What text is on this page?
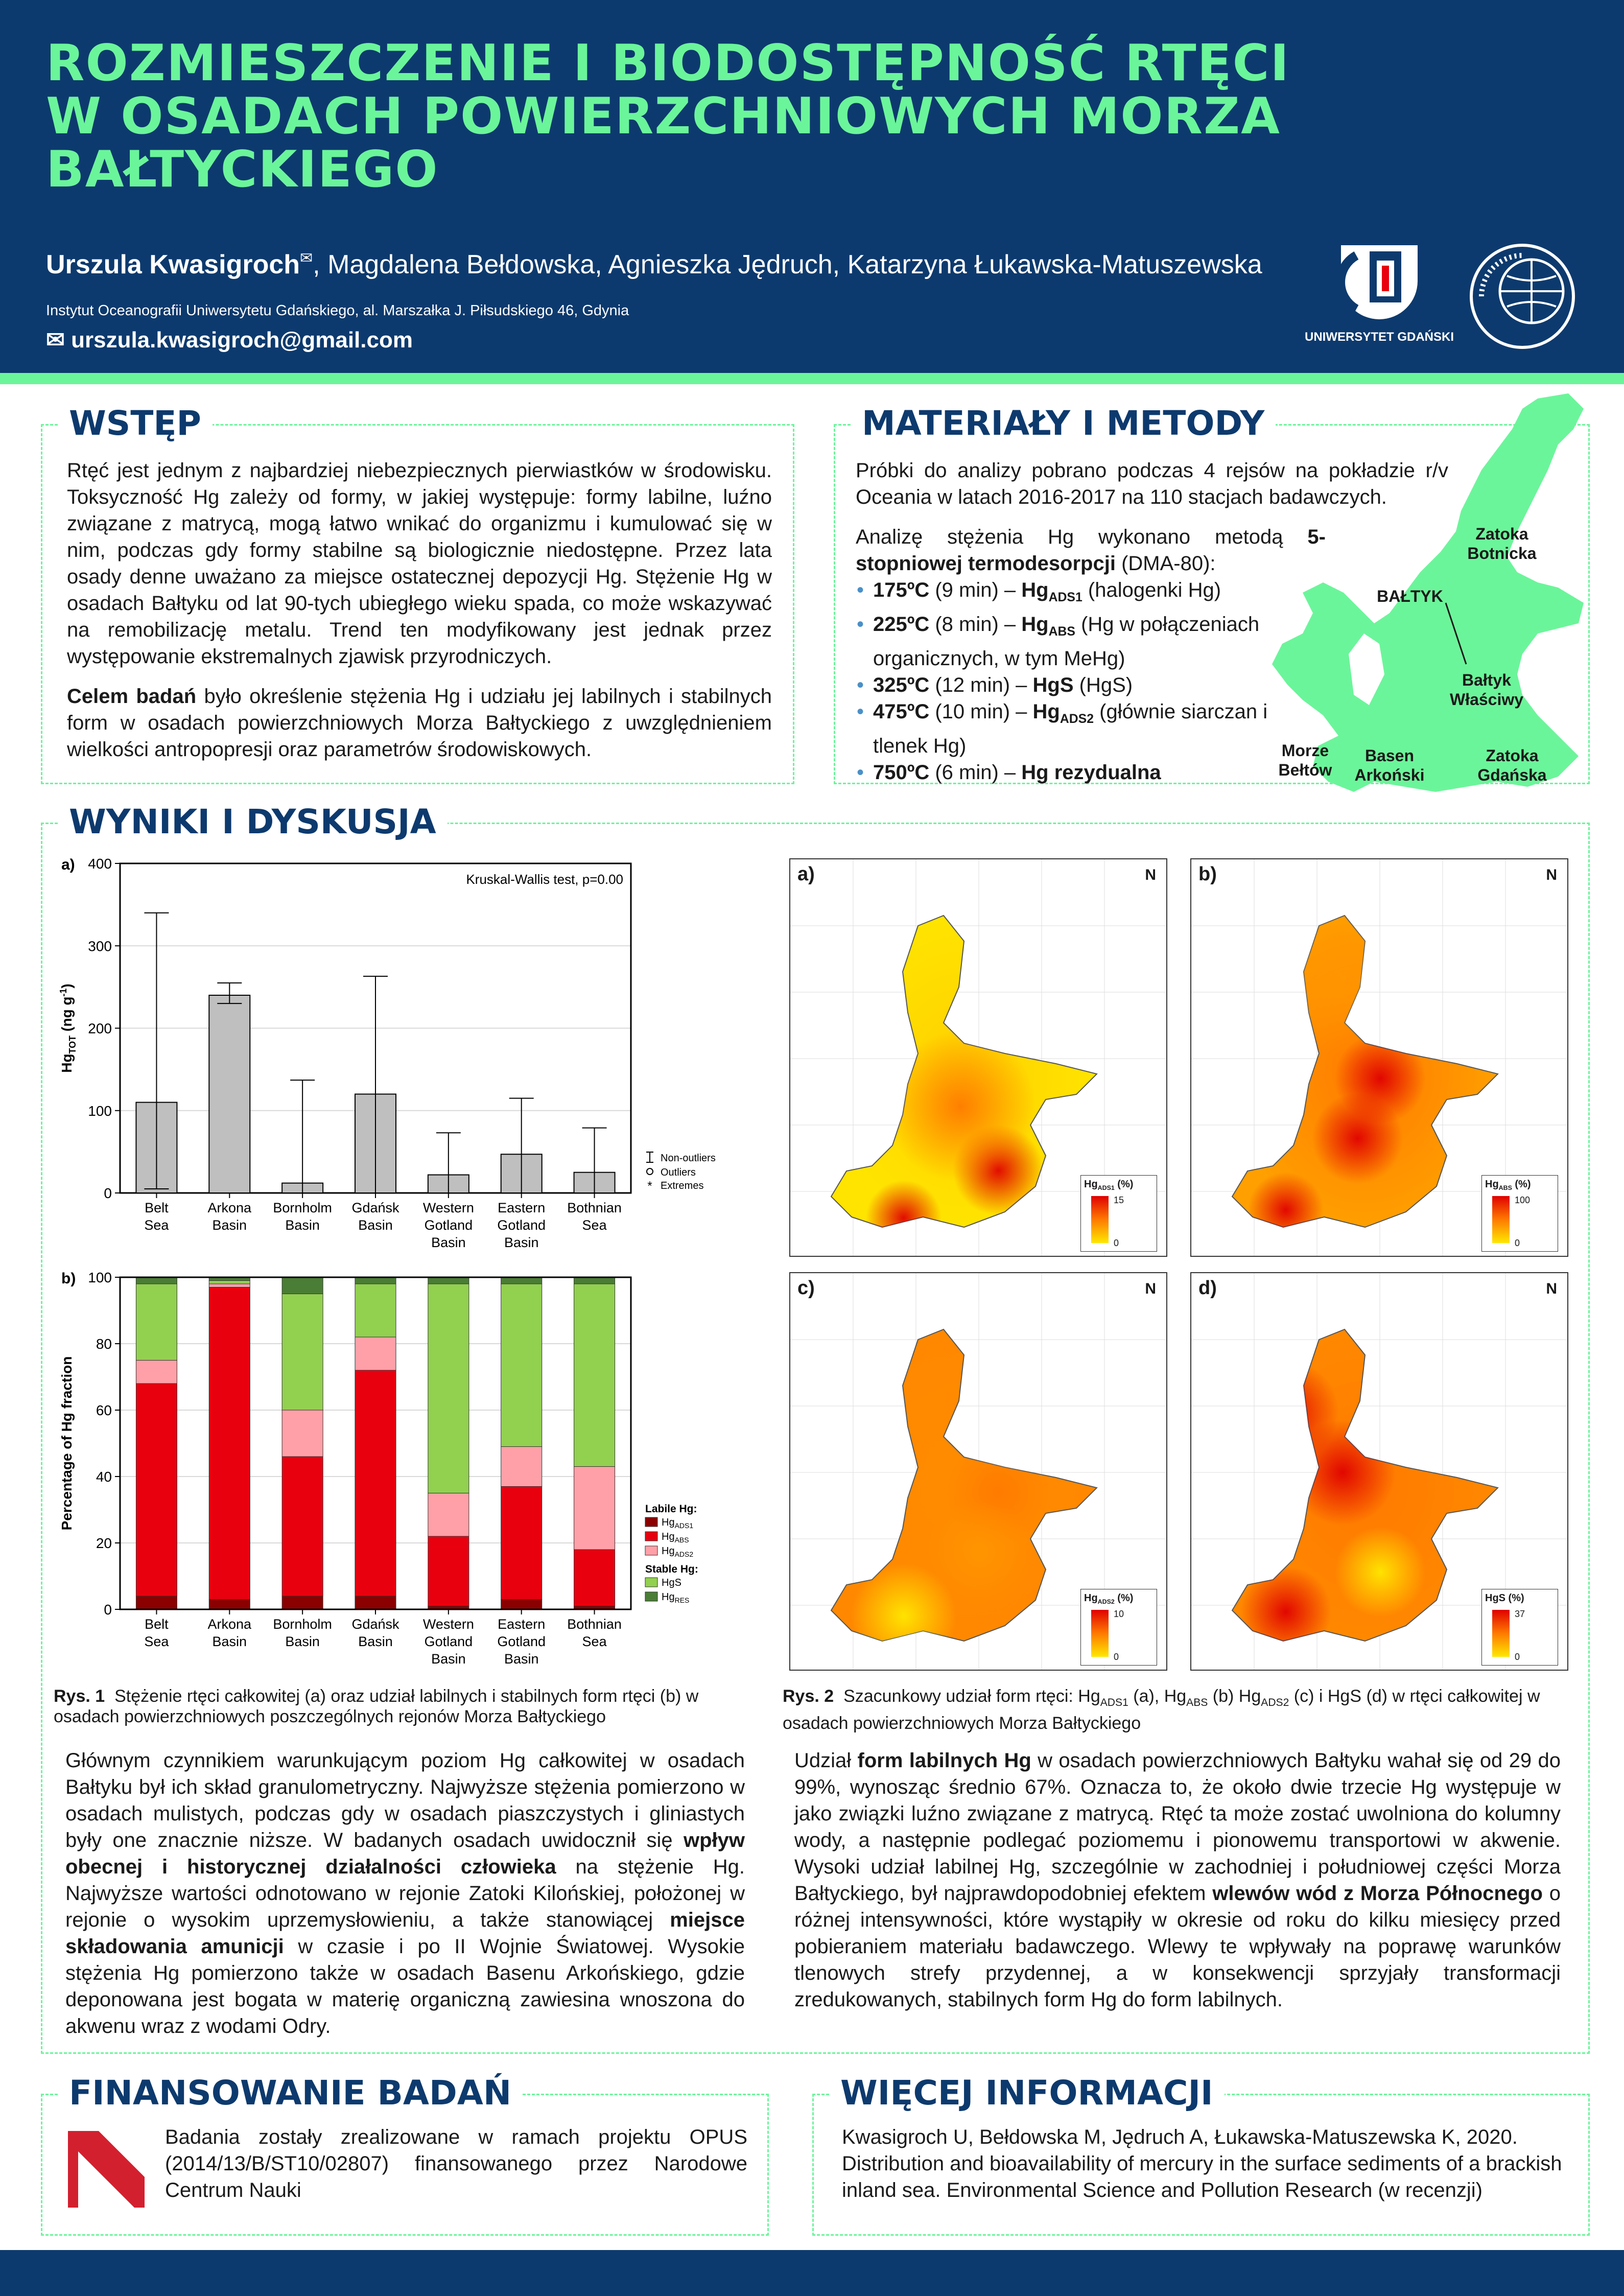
ROZMIESZCZENIE I BIODOSTĘPNOŚĆ RTĘCI
W OSADACH POWIERZCHNIOWYCH MORZA
BAŁTYCKIEGO
Urszula Kwasigroch✉, Magdalena Bełdowska, Agnieszka Jędruch, Katarzyna Łukawska-Matuszewska
Instytut Oceanografii Uniwersytetu Gdańskiego, al. Marszałka J. Piłsudskiego 46, Gdynia
✉ urszula.kwasigroch@gmail.com	UNIWERSYTET GDAŃSKI
WSTĘP

Rtęć jest jednym z najbardziej niebezpiecznych pierwiastków w środowisku. Toksyczność Hg zależy od formy, w jakiej występuje: formy labilne, luźno związane z matrycą, mogą łatwo wnikać do organizmu i kumulować się w nim, podczas gdy formy stabilne są biologicznie niedostępne. Przez lata osady denne uważano za miejsce ostatecznej depozycji Hg. Stężenie Hg w osadach Bałtyku od lat 90-tych ubiegłego wieku spada, co może wskazywać na remobilizację metalu. Trend ten modyfikowany jest jednak przez występowanie ekstremalnych zjawisk przyrodniczych.

Celem badań było określenie stężenia Hg i udziału jej labilnych i stabilnych form w osadach powierzchniowych Morza Bałtyckiego z uwzględnieniem wielkości antropopresji oraz parametrów środowiskowych.

MATERIAŁY I METODY
Próbki do analizy pobrano podczas 4 rejsów na pokładzie r/v Oceania w latach 2016-2017 na 110 stacjach badawczych.
Analizę stężenia Hg wykonano metodą 5-stopniowej termodesorpcji (DMA-80):
• 175ºC (9 $\min) - Hg_{ADS1}$ (halogenki Hg)
• 225ºC (8 $\min) - Hg_{ABS}$ (Hg w połączeniach organicznych, w tym MeHg)
• 325ºC (12 min) – HgS (HgS)
• 475ºC (10 $\min) - Hg_{ADS2}$ (głównie siarczan i tlenek Hg)
• 750ºC (6 min) – Hg rezydualna
Zatoka Botnicka
BAŁTYK
Bałtyk Właściwy
Morze Bełtów
Basen Arkoński
Zatoka Gdańska
WYNIKI I DYSKUSJA
a)
0
100
200
300
400
$Hg_{TOT}$ (ng $g^{-1}$)
Kruskal-Wallis test, p=0.00
Belt Sea
Arkona Basin
Bornholm Basin
Gdańsk Basin
Western Gotland Basin
Eastern Gotland Basin
Bothnian Sea
Non-outliers
Outliers
* Extremes
b)
0
20
40
60
80
100
Percentage of Hg fraction
Belt Sea
Arkona Basin
Bornholm Basin
Gdańsk Basin
Western Gotland Basin
Eastern Gotland Basin
Bothnian Sea
Labile Hg:
$Hg_{ADS1}$
$Hg_{ABS}$
$Hg_{ADS2}$
Stable Hg:
HgS
$Hg_{RES}$
Rys. 1 Stężenie rtęci całkowitej (a) oraz udział labilnych i stabilnych form rtęci (b) w osadach powierzchniowych poszczególnych rejonów Morza Bałtyckiego
Rys. 2 Szacunkowy udział form rtęci: $Hg_{ADS1}$ (a), $Hg_{ABS}$ (b) $Hg_{ADS2}$ (c) i HgS (d) w rtęci całkowitej w osadach powierzchniowych Morza Bałtyckiego
a)	N
$Hg_{ADS1}$ (%)
15
0
b)	N
$Hg_{ABS}$ (%)
100
0
c)	N
$Hg_{ADS2}$ (%)
10
0
d)	N
HgS (%)
37
0
Głównym czynnikiem warunkującym poziom Hg całkowitej w osadach Bałtyku był ich skład granulometryczny. Najwyższe stężenia pomierzono w osadach mulistych, podczas gdy w osadach piaszczystych i gliniastych były one znacznie niższe. W badanych osadach uwidocznił się wpływ obecnej i historycznej działalności człowieka na stężenie Hg. Najwyższe wartości odnotowano w rejonie Zatoki Kilońskiej, położonej w rejonie o wysokim uprzemysłowieniu, a także stanowiącej miejsce składowania amunicji w czasie i po II Wojnie Światowej. Wysokie stężenia Hg pomierzono także w osadach Basenu Arkońskiego, gdzie deponowana jest bogata w materię organiczną zawiesina wnoszona do akwenu wraz z wodami Odry.
Udział form labilnych Hg w osadach powierzchniowych Bałtyku wahał się od 29 do 99%, wynosząc średnio 67%. Oznacza to, że około dwie trzecie Hg występuje w jako związki luźno związane z matrycą. Rtęć ta może zostać uwolniona do kolumny wody, a następnie podlegać poziomemu i pionowemu transportowi w akwenie. Wysoki udział labilnej Hg, szczególnie w zachodniej i południowej części Morza Bałtyckiego, był najprawdopodobniej efektem wlewów wód z Morza Północnego o różnej intensywności, które wystąpiły w okresie od roku do kilku miesięcy przed pobieraniem materiału badawczego. Wlewy te wpływały na poprawę warunków tlenowych strefy przydennej, a w konsekwencji sprzyjały transformacji zredukowanych, stabilnych form Hg do form labilnych.
FINANSOWANIE BADAŃ
Badania zostały zrealizowane w ramach projektu OPUS (2014/13/B/ST10/02807) finansowanego przez Narodowe Centrum Nauki
WIĘCEJ INFORMACJI
Kwasigroch U, Bełdowska M, Jędruch A, Łukawska-Matuszewska K, 2020. Distribution and bioavailability of mercury in the surface sediments of a brackish inland sea. Environmental Science and Pollution Research (w recenzji)
